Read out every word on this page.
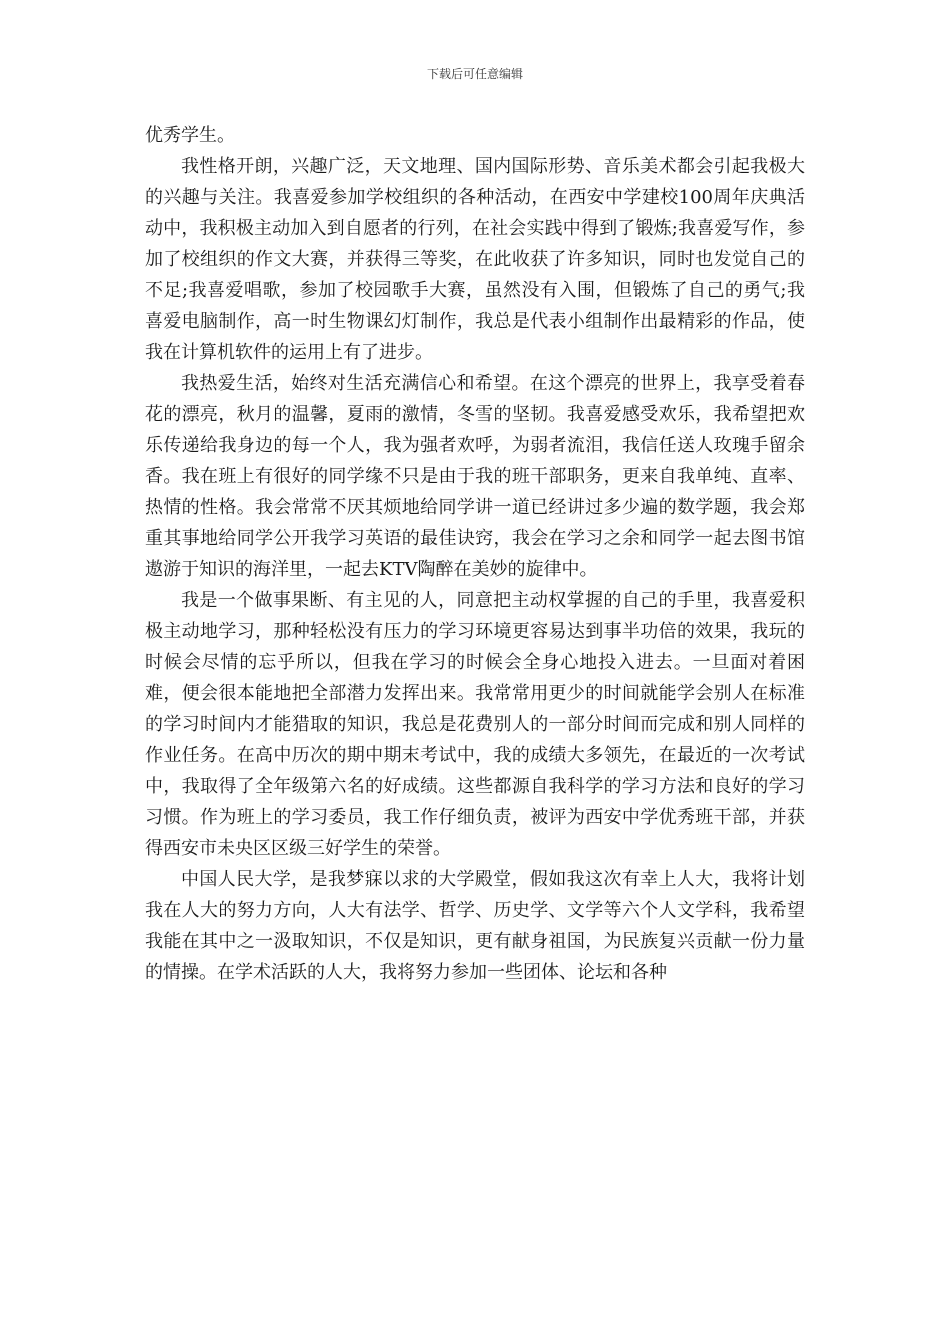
下载后可任意编辑

优秀学生。

我性格开朗，兴趣广泛，天文地理、国内国际形势、音乐美术都会引起我极大的兴趣与关注。我喜爱参加学校组织的各种活动，在西安中学建校100周年庆典活动中，我积极主动加入到自愿者的行列，在社会实践中得到了锻炼;我喜爱写作，参加了校组织的作文大赛，并获得三等奖，在此收获了许多知识，同时也发觉自己的不足;我喜爱唱歌，参加了校园歌手大赛，虽然没有入围，但锻炼了自己的勇气;我喜爱电脑制作，高一时生物课幻灯制作，我总是代表小组制作出最精彩的作品，使我在计算机软件的运用上有了进步。

我热爱生活，始终对生活充满信心和希望。在这个漂亮的世界上，我享受着春花的漂亮，秋月的温馨，夏雨的激情，冬雪的坚韧。我喜爱感受欢乐，我希望把欢乐传递给我身边的每一个人，我为强者欢呼，为弱者流泪，我信任送人玫瑰手留余香。我在班上有很好的同学缘不只是由于我的班干部职务，更来自我单纯、直率、热情的性格。我会常常不厌其烦地给同学讲一道已经讲过多少遍的数学题，我会郑重其事地给同学公开我学习英语的最佳诀窍，我会在学习之余和同学一起去图书馆遨游于知识的海洋里，一起去KTV陶醉在美妙的旋律中。

我是一个做事果断、有主见的人，同意把主动权掌握的自己的手里，我喜爱积极主动地学习，那种轻松没有压力的学习环境更容易达到事半功倍的效果，我玩的时候会尽情的忘乎所以，但我在学习的时候会全身心地投入进去。一旦面对着困难，便会很本能地把全部潜力发挥出来。我常常用更少的时间就能学会别人在标准的学习时间内才能猎取的知识，我总是花费别人的一部分时间而完成和别人同样的作业任务。在高中历次的期中期末考试中，我的成绩大多领先，在最近的一次考试中，我取得了全年级第六名的好成绩。这些都源自我科学的学习方法和良好的学习习惯。作为班上的学习委员，我工作仔细负责，被评为西安中学优秀班干部，并获得西安市未央区区级三好学生的荣誉。

中国人民大学，是我梦寐以求的大学殿堂，假如我这次有幸上人大，我将计划我在人大的努力方向，人大有法学、哲学、历史学、文学等六个人文学科，我希望我能在其中之一汲取知识，不仅是知识，更有献身祖国，为民族复兴贡献一份力量的情操。在学术活跃的人大，我将努力参加一些团体、论坛和各种
